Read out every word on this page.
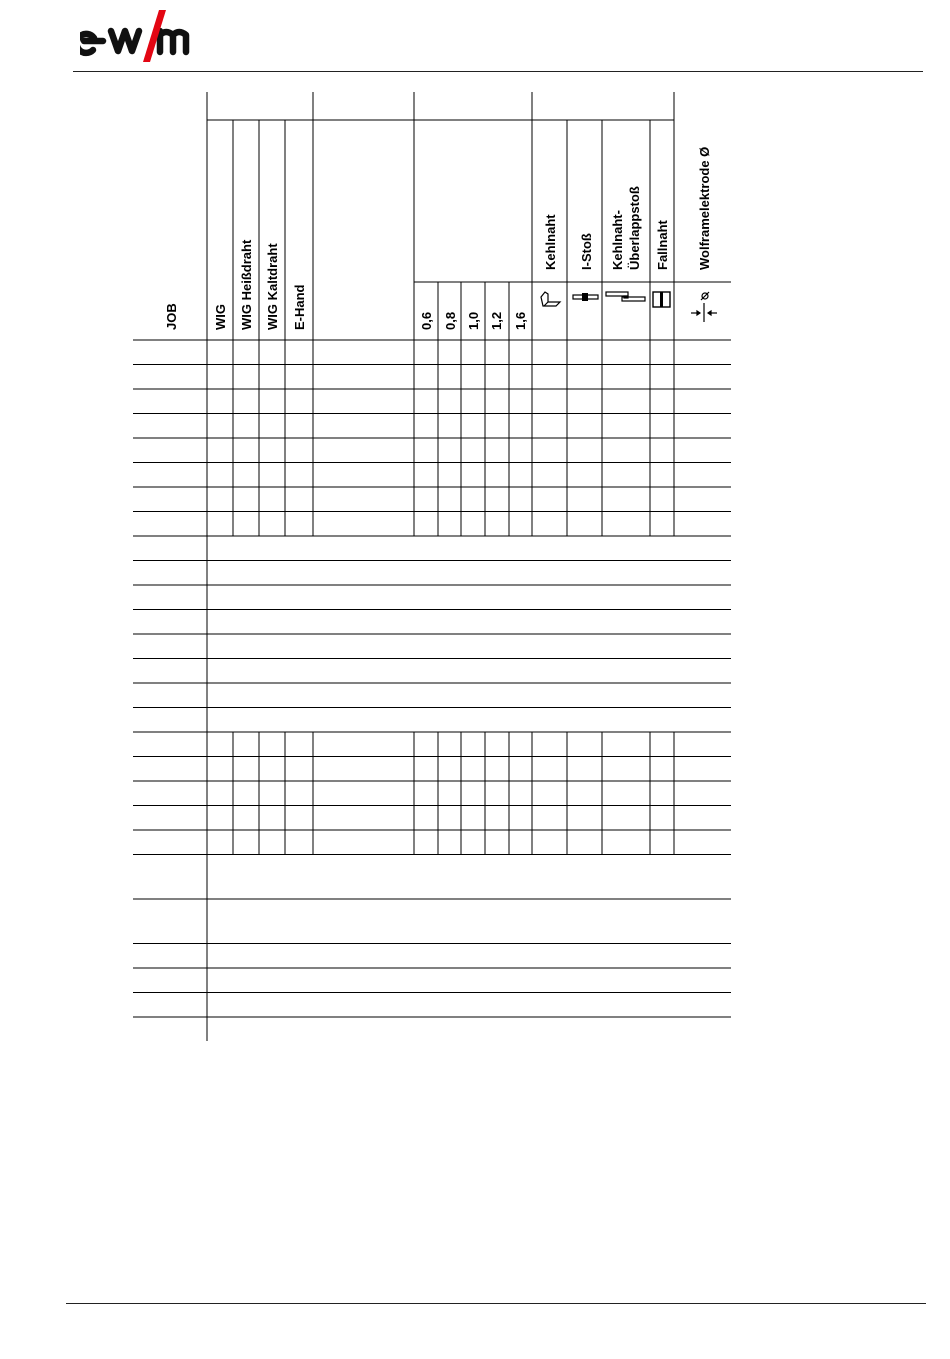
JOB	WIG WIG Heißdraht WIG Kaltdraht E-Hand	0,6 0,8 1,0 1,2 1,6
Kehlnaht I-Stoß Kehlnaht- Überlappstoß Fallnaht Wolframelektrode Ø
